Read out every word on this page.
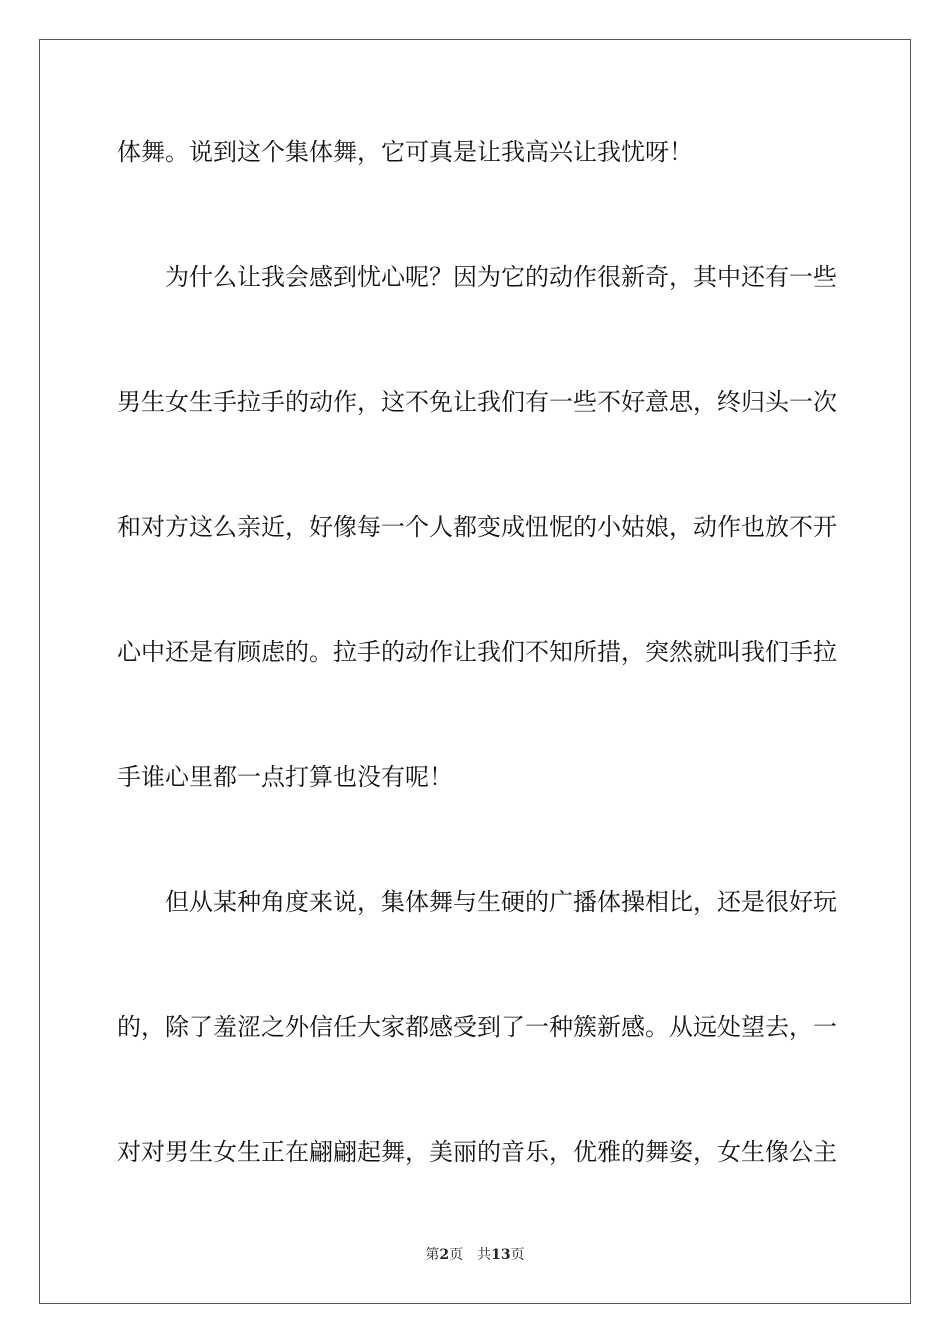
体舞。说到这个集体舞，它可真是让我高兴让我忧呀！
为什么让我会感到忧心呢？因为它的动作很新奇，其中还有一些
男生女生手拉手的动作，这不免让我们有一些不好意思，终归头一次
和对方这么亲近，好像每一个人都变成忸怩的小姑娘，动作也放不开
心中还是有顾虑的。拉手的动作让我们不知所措，突然就叫我们手拉
手谁心里都一点打算也没有呢！
但从某种角度来说，集体舞与生硬的广播体操相比，还是很好玩
的，除了羞涩之外信任大家都感受到了一种簇新感。从远处望去，一
对对男生女生正在翩翩起舞，美丽的音乐，优雅的舞姿，女生像公主
第2页 共13页
